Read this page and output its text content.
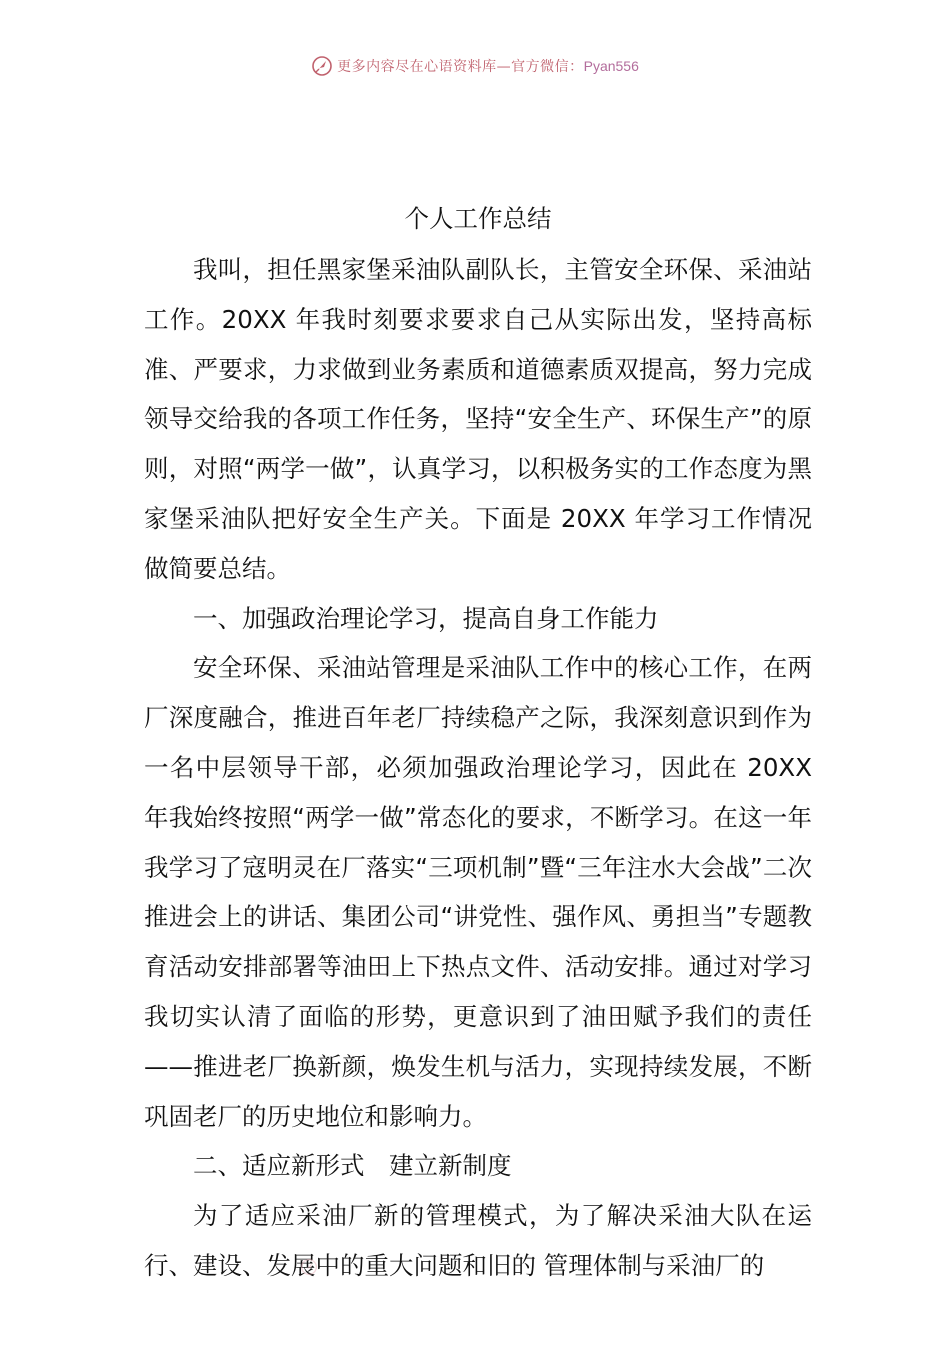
更多内容尽在心语资料库—官方微信： Pyan556
个人工作总结

我叫，担任黑家堡采油队副队长，主管安全环保、采油站工作。20XX 年我时刻要求要求自己从实际出发，坚持高标准、严要求，力求做到业务素质和道德素质双提高，努力完成领导交给我的各项工作任务，坚持“安全生产、环保生产”的原则，对照“两学一做”，认真学习，以积极务实的工作态度为黑家堡采油队把好安全生产关。下面是 20XX 年学习工作情况做简要总结。

一、加强政治理论学习，提高自身工作能力

安全环保、采油站管理是采油队工作中的核心工作，在两厂深度融合，推进百年老厂持续稳产之际，我深刻意识到作为一名中层领导干部，必须加强政治理论学习，因此在 20XX 年我始终按照“两学一做”常态化的要求，不断学习。在这一年我学习了寇明灵在厂落实“三项机制”暨“三年注水大会战”二次推进会上的讲话、集团公司“讲党性、强作风、勇担当”专题教育活动安排部署等油田上下热点文件、活动安排。通过对学习我切实认清了面临的形势，更意识到了油田赋予我们的责任——推进老厂换新颜，焕发生机与活力，实现持续发展，不断巩固老厂的历史地位和影响力。

二、适应新形式　建立新制度

为了适应采油厂新的管理模式，为了解决采油大队在运行、建设、发展中的重大问题和旧的 管理体制与采油厂的
